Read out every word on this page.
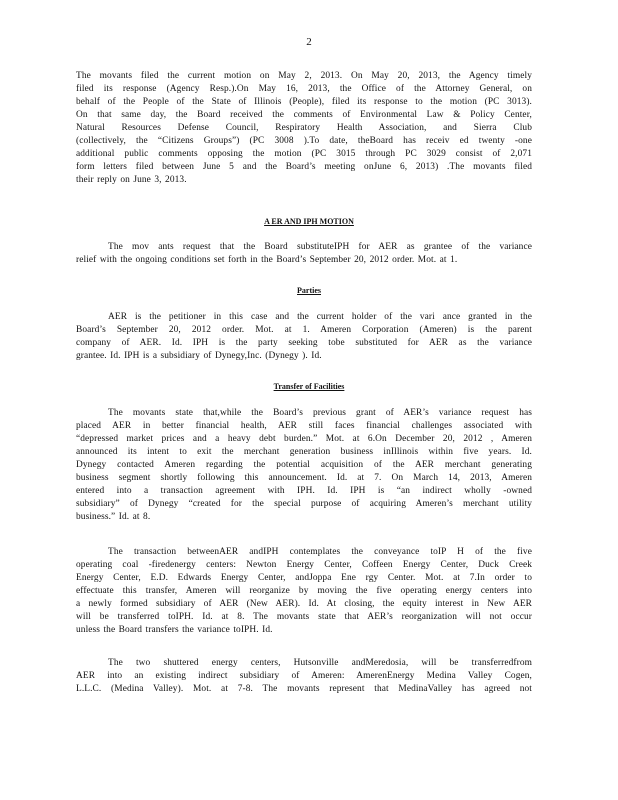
2
The movants filed the current motion on May 2, 2013. On May 20, 2013, the Agency timely
filed its response (Agency Resp.).On May 16, 2013, the Office of the Attorney General, on
behalf of the People of the State of Illinois (People), filed its response to the motion (PC 3013).
On that same day, the Board received the comments of Environmental Law & Policy Center,
Natural Resources Defense Council, Respiratory Health Association, and Sierra Club
(collectively, the “Citizens Groups”) (PC 3008 ).To date, theBoard has receiv ed twenty -one
additional public comments opposing the motion (PC 3015 through PC 3029 consist of 2,071
form letters filed between June 5 and the Board’s meeting onJune 6, 2013) .The movants filed
their reply on June 3, 2013.
A ER AND IPH MOTION
The mov ants request that the Board substituteIPH for AER as grantee of the variance
relief with the ongoing conditions set forth in the Board’s September 20, 2012 order. Mot. at 1.
Parties
AER is the petitioner in this case and the current holder of the vari ance granted in the
Board’s September 20, 2012 order. Mot. at 1. Ameren Corporation (Ameren) is the parent
company of AER. Id. IPH is the party seeking tobe substituted for AER as the variance
grantee. Id. IPH is a subsidiary of Dynegy,Inc. (Dynegy ). Id.
Transfer of Facilities
The movants state that,while the Board’s previous grant of AER’s variance request has
placed AER in better financial health, AER still faces financial challenges associated with
“depressed market prices and a heavy debt burden.” Mot. at 6.On December 20, 2012 , Ameren
announced its intent to exit the merchant generation business inIllinois within five years. Id.
Dynegy contacted Ameren regarding the potential acquisition of the AER merchant generating
business segment shortly following this announcement. Id. at 7. On March 14, 2013, Ameren
entered into a transaction agreement with IPH. Id. IPH is “an indirect wholly -owned
subsidiary” of Dynegy “created for the special purpose of acquiring Ameren’s merchant utility
business.” Id. at 8.
The transaction betweenAER andIPH contemplates the conveyance toIP H of the five
operating coal -firedenergy centers: Newton Energy Center, Coffeen Energy Center, Duck Creek
Energy Center, E.D. Edwards Energy Center, andJoppa Ene rgy Center. Mot. at 7.In order to
effectuate this transfer, Ameren will reorganize by moving the five operating energy centers into
a newly formed subsidiary of AER (New AER). Id. At closing, the equity interest in New AER
will be transferred toIPH. Id. at 8. The movants state that AER’s reorganization will not occur
unless the Board transfers the variance toIPH. Id.
The two shuttered energy centers, Hutsonville andMeredosia, will be transferredfrom
AER into an existing indirect subsidiary of Ameren: AmerenEnergy Medina Valley Cogen,
L.L.C. (Medina Valley). Mot. at 7-8. The movants represent that MedinaValley has agreed not
